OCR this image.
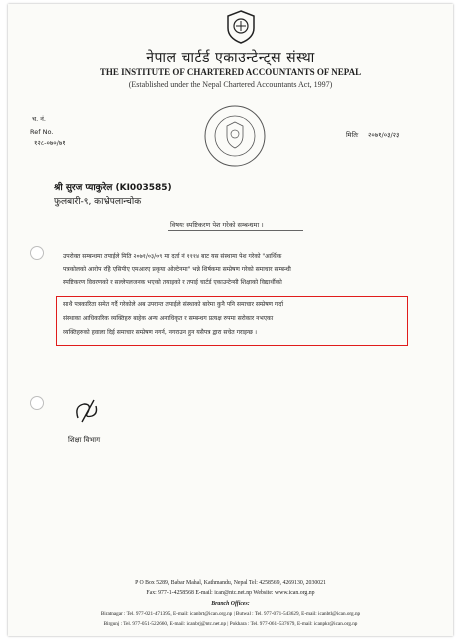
नेपाल चार्टर्ड एकाउन्टेन्ट्स संस्था
THE INSTITUTE OF CHARTERED ACCOUNTANTS OF NEPAL
(Established under the Nepal Chartered Accountants Act, 1997)
च. नं.
Ref No.
१२८-०७०/७१
मितिः २०७१/०३/२३
श्री सुरज प्याकुरेल (KI003585)
फुलबारी-९, काभ्रेपलान्चोक
विषयः स्पष्टिकरण पेश गरेको सम्बन्धमा ।
उपरोक्त सम्बन्धमा तपाईले मिति २०७१/०३/०९ मा दर्ता नं १११४ बाट यस संस्थामा पेश गरेको "आर्थिक
पत्रकोलको आरोप रहेि एसिपीए एमआरए प्रकृया ओल्टेनमा" भन्ने शिर्षकमा सम्प्रेषण गरेको समाचार सम्बन्धी
स्पष्टिकरण विवरणको र सल्लेपलजनक भएको तयाइको र तपाई चार्टर्ड एकाउन्टेन्सी शिक्षाको विद्यार्थीको
साथै पत्रकारिता समेत गर्दै गरेकोले अब उपरान्त तपाईले संस्थाको बारेमा कुनै पनि समाचार सम्प्रेषण गर्दा
संस्थाका आधिकारिक व्यक्तिहरु बाहेक अन्य अनाधिकृत र सम्बन्धग प्रत्यक्ष रुपमा सरोकार नभएका
व्यक्तिहरुको हवाला दिई समाचार सम्प्रेषण नगर्न, नगराउन हुन यसैपत्र द्वारा सचेत गराइन्छ ।
शिक्षा विभाग
P O Box 5289, Babar Mahal, Kathmandu, Nepal Tel: 4258569, 4269130, 2030021
Fax: 977-1-4258568 E-mail: ican@ntc.net.np Website: www.ican.org.np
Branch Offices:
Biratnagar : Tel. 977-021-471395, E-mail: icanbrt@ican.org.np | Butwal : Tel. 977-071-543629, E-mail: icanbtl@ican.org.np
Birgunj : Tel. 977-051-522660, E-mail: icanbrj@ntc.net.np | Pokhara : Tel. 977-061-537679, E-mail: icanpkr@ican.org.np
